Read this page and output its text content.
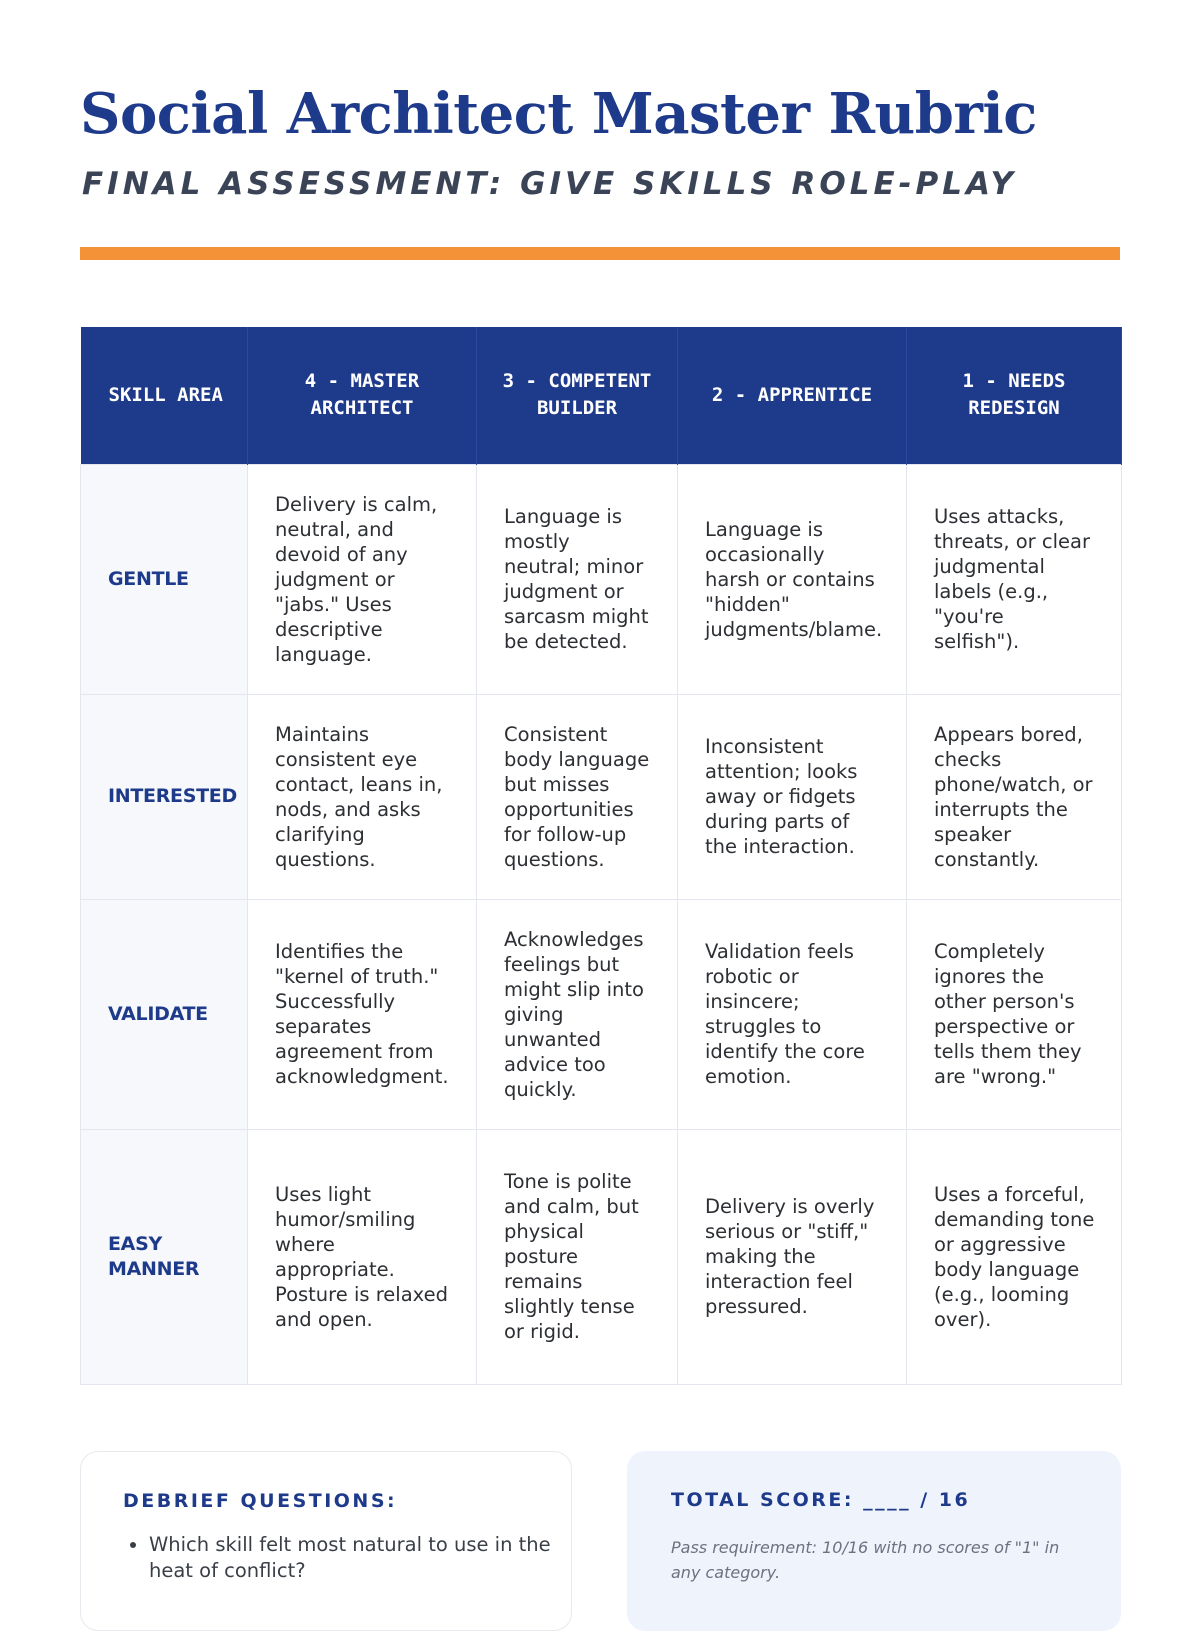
Social Architect Master Rubric
FINAL ASSESSMENT: GIVE SKILLS ROLE-PLAY
SKILL AREA	4 - MASTER ARCHITECT	3 - COMPETENT BUILDER	2 - APPRENTICE	1 - NEEDS REDESIGN
GENTLE	Delivery is calm, neutral, and devoid of any judgment or "jabs." Uses descriptive language.	Language is mostly neutral; minor judgment or sarcasm might be detected.	Language is occasionally harsh or contains "hidden" judgments/blame.	Uses attacks, threats, or clear judgmental labels (e.g., "you're selfish").
INTERESTED	Maintains consistent eye contact, leans in, nods, and asks clarifying questions.	Consistent body language but misses opportunities for follow-up questions.	Inconsistent attention; looks away or fidgets during parts of the interaction.	Appears bored, checks phone/watch, or interrupts the speaker constantly.
VALIDATE	Identifies the "kernel of truth." Successfully separates agreement from acknowledgment.	Acknowledges feelings but might slip into giving unwanted advice too quickly.	Validation feels robotic or insincere; struggles to identify the core emotion.	Completely ignores the other person's perspective or tells them they are "wrong."
EASY MANNER	Uses light humor/smiling where appropriate. Posture is relaxed and open.	Tone is polite and calm, but physical posture remains slightly tense or rigid.	Delivery is overly serious or "stiff," making the interaction feel pressured.	Uses a forceful, demanding tone or aggressive body language (e.g., looming over).
DEBRIEF QUESTIONS:
• Which skill felt most natural to use in the heat of conflict?
TOTAL SCORE: ____ / 16
Pass requirement: 10/16 with no scores of "1" in any category.
